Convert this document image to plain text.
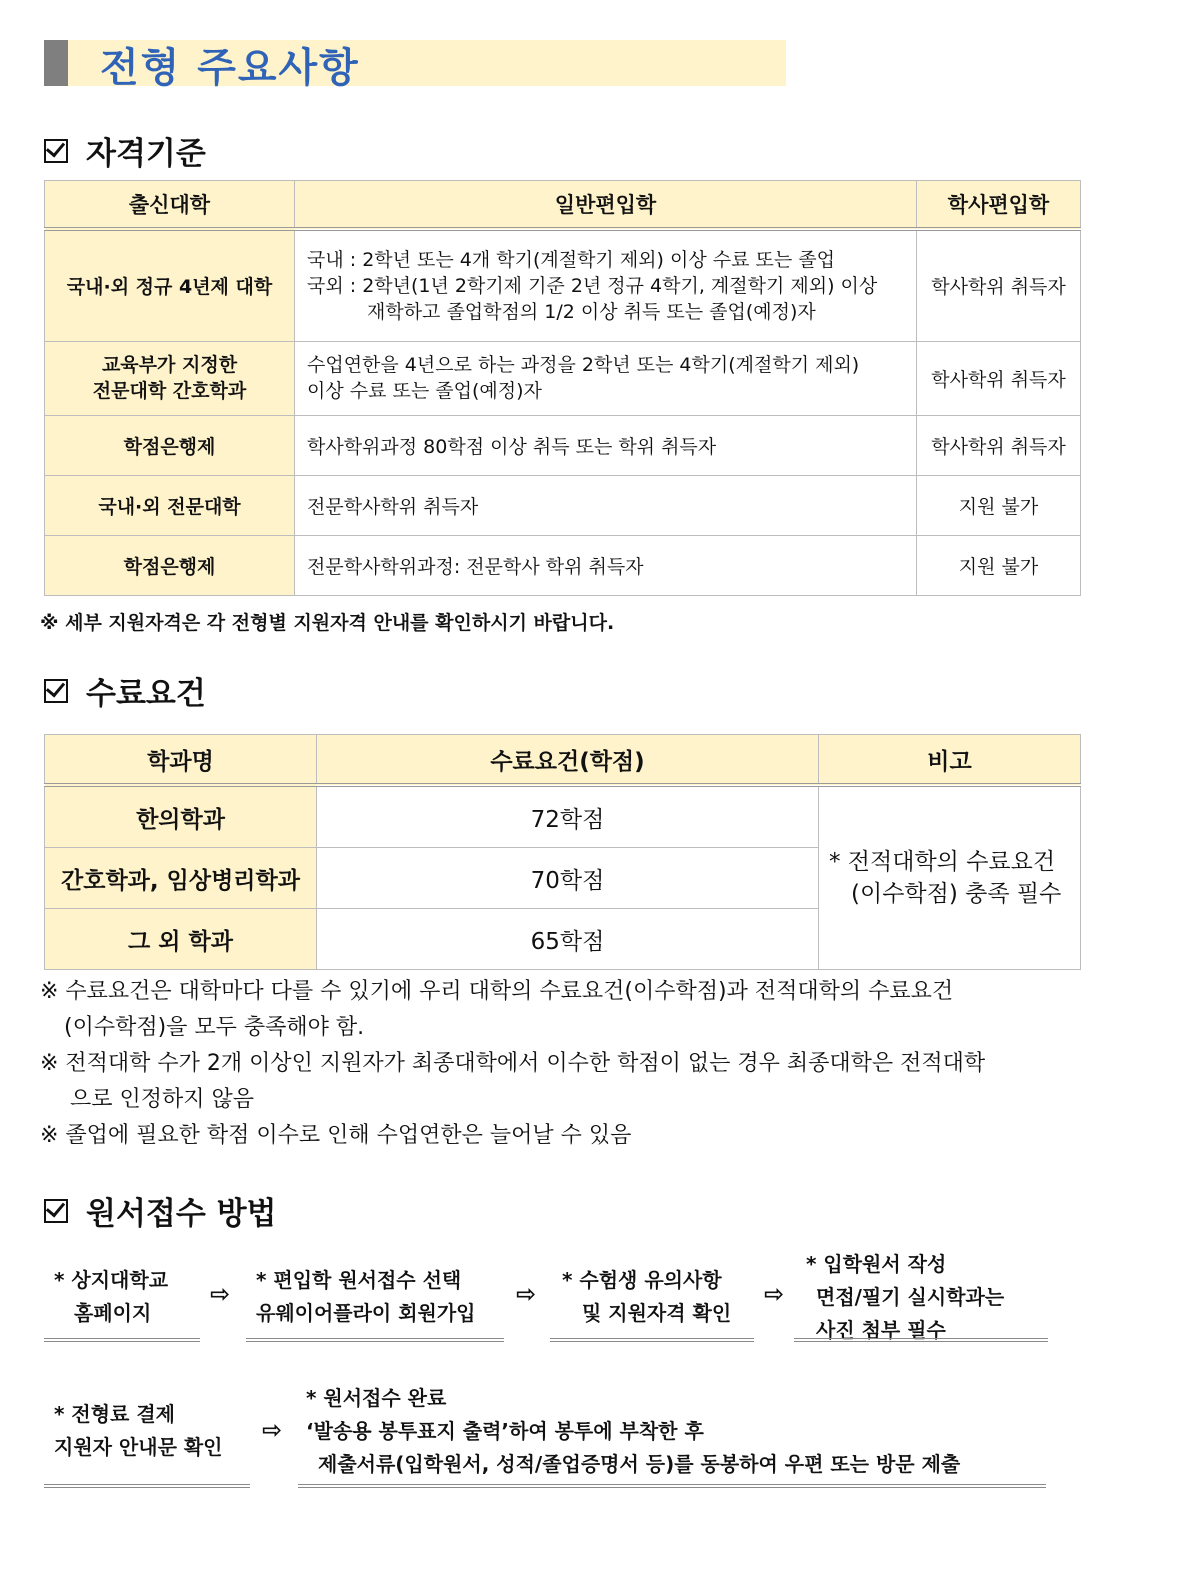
전형 주요사항
자격기준
출신대학	일반편입학	학사편입학
국내·외 정규 4년제 대학	국내 : 2학년 또는 4개 학기(계절학기 제외) 이상 수료 또는 졸업
국외 : 2학년(1년 2학기제 기준 2년 정규 4학기, 계절학기 제외) 이상
재학하고 졸업학점의 1/2 이상 취득 또는 졸업(예정)자	학사학위 취득자

교육부가 지정한
전문대학 간호학과	수업연한을 4년으로 하는 과정을 2학년 또는 4학기(계절학기 제외)
이상 수료 또는 졸업(예정)자	학사학위 취득자
학점은행제	학사학위과정 80학점 이상 취득 또는 학위 취득자	학사학위 취득자
국내·외 전문대학	전문학사학위 취득자	지원 불가
학점은행제	전문학사학위과정: 전문학사 학위 취득자	지원 불가
※ 세부 지원자격은 각 전형별 지원자격 안내를 확인하시기 바랍니다.
수료요건
학과명	수료요건(학점)	비고
한의학과	72학점	* 전적대학의 수료요건
(이수학점) 충족 필수

간호학과, 임상병리학과	70학점	
그 외 학과	65학점	
※ 수료요건은 대학마다 다를 수 있기에 우리 대학의 수료요건(이수학점)과 전적대학의 수료요건
(이수학점)을 모두 충족해야 함.
※ 전적대학 수가 2개 이상인 지원자가 최종대학에서 이수한 학점이 없는 경우 최종대학은 전적대학
으로 인정하지 않음
※ 졸업에 필요한 학점 이수로 인해 수업연한은 늘어날 수 있음
원서접수 방법
* 상지대학교
홈페이지
⇨ * 편입학 원서접수 선택
유웨이어플라이 회원가입
⇨ * 수험생 유의사항
및 지원자격 확인
⇨
* 입학원서 작성
면접/필기 실시학과는
사진 첨부 필수
* 전형료 결제
지원자 안내문 확인
⇨
* 원서접수 완료
‘발송용 봉투표지 출력’하여 봉투에 부착한 후
제출서류(입학원서, 성적/졸업증명서 등)를 동봉하여 우편 또는 방문 제출
